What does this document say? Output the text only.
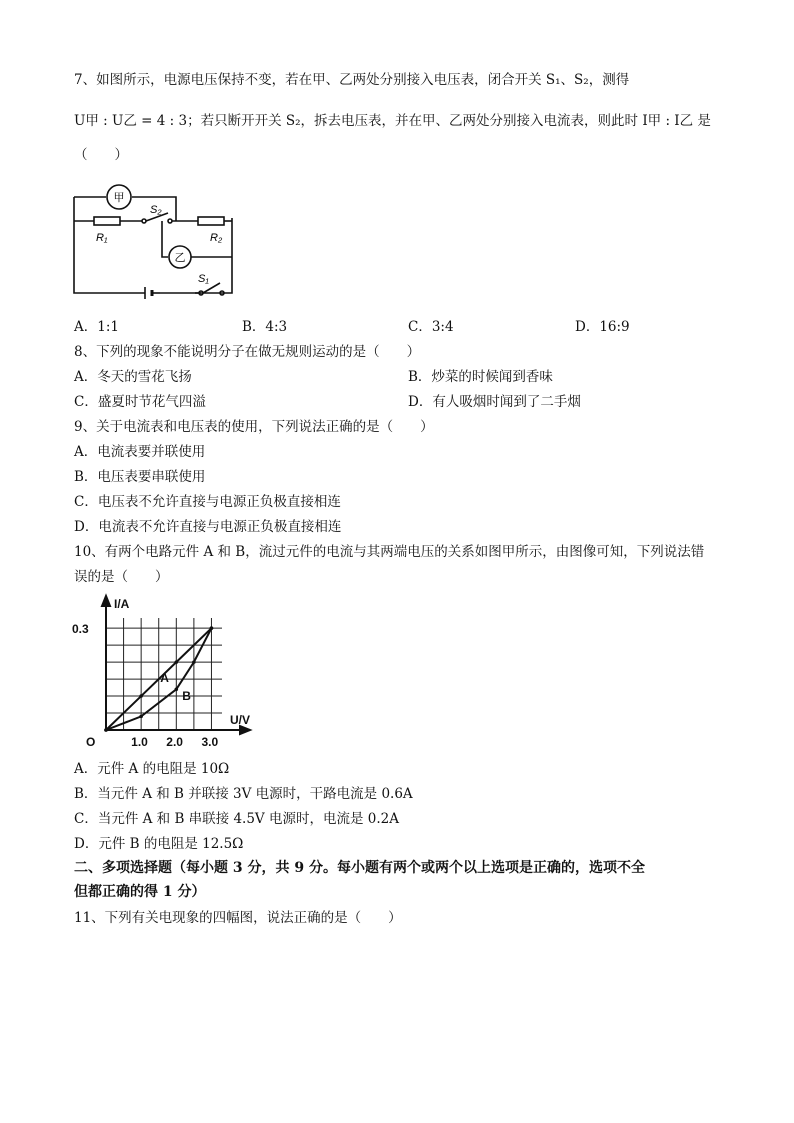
7、如图所示，电源电压保持不变，若在甲、乙两处分别接入电压表，闭合开关 S₁、S₂，测得
U甲 : U乙 = 4 : 3；若只断开开关 S₂，拆去电压表，并在甲、乙两处分别接入电流表，则此时 I甲 : I乙 是
（　　）
甲
乙
R₁	R₂
S₂
S₁
A．1:1	B．4:3	C．3:4	D．16:9
8、下列的现象不能说明分子在做无规则运动的是（　　）
A．冬天的雪花飞扬	B．炒菜的时候闻到香味
C．盛夏时节花气四溢	D．有人吸烟时闻到了二手烟
9、关于电流表和电压表的使用，下列说法正确的是（　　）
A．电流表要并联使用
B．电压表要串联使用
C．电压表不允许直接与电源正负极直接相连
D．电流表不允许直接与电源正负极直接相连
10、有两个电路元件 A 和 B，流过元件的电流与其两端电压的关系如图甲所示，由图像可知，下列说法错
误的是（　　）
A
B
I/A
U/V
O	1.0 2.0 3.0
0.3
A．元件 A 的电阻是 10Ω
B．当元件 A 和 B 并联接 3V 电源时，干路电流是 0.6A
C．当元件 A 和 B 串联接 4.5V 电源时，电流是 0.2A
D．元件 B 的电阻是 12.5Ω
二、多项选择题（每小题 3 分，共 9 分。每小题有两个或两个以上选项是正确的，选项不全
但都正确的得 1 分）
11、下列有关电现象的四幅图，说法正确的是（　　）
